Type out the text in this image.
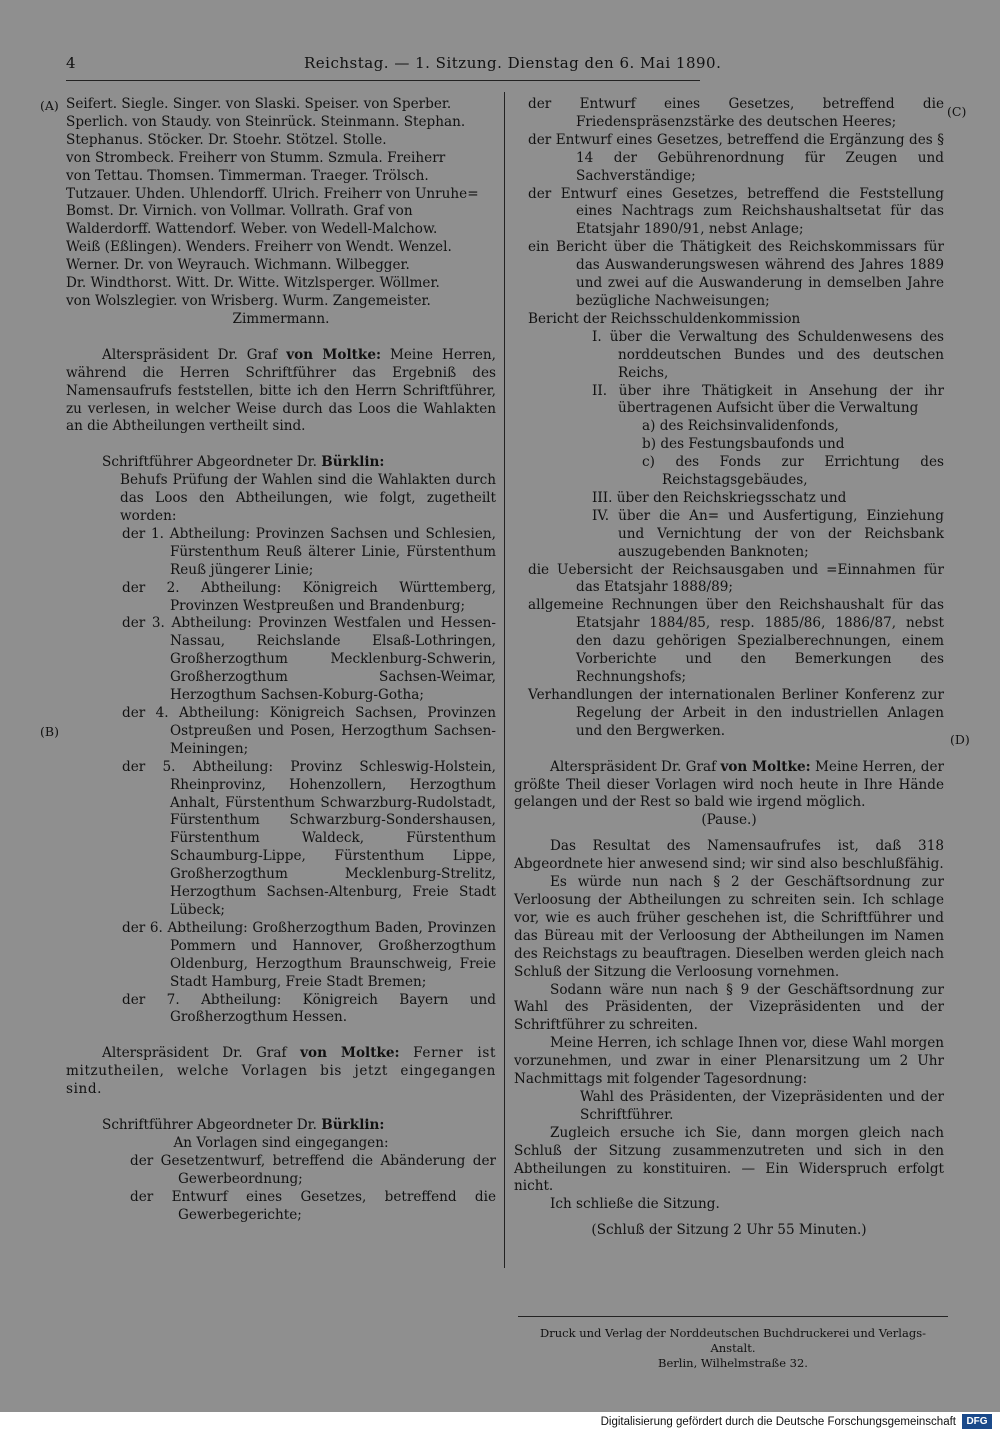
4	Reichstag. — 1. Sitzung. Dienstag den 6. Mai 1890.
(A)
(B)
(C)
(D)

Seifert. Siegle. Singer. von Slaski. Speiser. von Sperber.

Sperlich. von Staudy. von Steinrück. Steinmann. Stephan.

Stephanus. Stöcker. Dr. Stoehr. Stötzel. Stolle.

von Strombeck. Freiherr von Stumm. Szmula. Freiherr

von Tettau. Thomsen. Timmerman. Traeger. Trölsch.

Tutzauer. Uhden. Uhlendorff. Ulrich. Freiherr von Unruhe=

Bomst. Dr. Virnich. von Vollmar. Vollrath. Graf von

Walderdorff. Wattendorf. Weber. von Wedell-Malchow.

Weiß (Eßlingen). Wenders. Freiherr von Wendt. Wenzel.

Werner. Dr. von Weyrauch. Wichmann. Wilbegger.

Dr. Windthorst. Witt. Dr. Witte. Witzlsperger. Wöllmer.

von Wolszlegier. von Wrisberg. Wurm. Zangemeister.

Zimmermann.

Alterspräsident Dr. Graf von Moltke: Meine Herren, während die Herren Schriftführer das Ergebniß des Namensaufrufs feststellen, bitte ich den Herrn Schriftführer, zu verlesen, in welcher Weise durch das Loos die Wahlakten an die Abtheilungen vertheilt sind.

Schriftführer Abgeordneter Dr. Bürklin:

Behufs Prüfung der Wahlen sind die Wahlakten durch das Loos den Abtheilungen, wie folgt, zugetheilt worden:

der 1. Abtheilung: Provinzen Sachsen und Schlesien, Fürstenthum Reuß älterer Linie, Fürstenthum Reuß jüngerer Linie;

der 2. Abtheilung: Königreich Württemberg, Provinzen Westpreußen und Brandenburg;

der 3. Abtheilung: Provinzen Westfalen und Hessen-Nassau, Reichslande Elsaß-Lothringen, Großherzogthum Mecklenburg-Schwerin, Großherzogthum Sachsen-Weimar, Herzogthum Sachsen-Koburg-Gotha;

der 4. Abtheilung: Königreich Sachsen, Provinzen Ostpreußen und Posen, Herzogthum Sachsen-Meiningen;

der 5. Abtheilung: Provinz Schleswig-Holstein, Rheinprovinz, Hohenzollern, Herzogthum Anhalt, Fürstenthum Schwarzburg-Rudolstadt, Fürstenthum Schwarzburg-Sondershausen, Fürstenthum Waldeck, Fürstenthum Schaumburg-Lippe, Fürstenthum Lippe, Großherzogthum Mecklenburg-Strelitz, Herzogthum Sachsen-Altenburg, Freie Stadt Lübeck;

der 6. Abtheilung: Großherzogthum Baden, Provinzen Pommern und Hannover, Großherzogthum Oldenburg, Herzogthum Braunschweig, Freie Stadt Hamburg, Freie Stadt Bremen;

der 7. Abtheilung: Königreich Bayern und Großherzogthum Hessen.

Alterspräsident Dr. Graf von Moltke: Ferner ist mitzutheilen, welche Vorlagen bis jetzt eingegangen sind.

Schriftführer Abgeordneter Dr. Bürklin:

An Vorlagen sind eingegangen:

der Gesetzentwurf, betreffend die Abänderung der Gewerbeordnung;

der Entwurf eines Gesetzes, betreffend die Gewerbegerichte;

der Entwurf eines Gesetzes, betreffend die Friedenspräsenzstärke des deutschen Heeres;

der Entwurf eines Gesetzes, betreffend die Ergänzung des § 14 der Gebührenordnung für Zeugen und Sachverständige;

der Entwurf eines Gesetzes, betreffend die Feststellung eines Nachtrags zum Reichshaushaltsetat für das Etatsjahr 1890/91, nebst Anlage;

ein Bericht über die Thätigkeit des Reichskommissars für das Auswanderungswesen während des Jahres 1889 und zwei auf die Auswanderung in demselben Jahre bezügliche Nachweisungen;

Bericht der Reichsschuldenkommission

I. über die Verwaltung des Schuldenwesens des norddeutschen Bundes und des deutschen Reichs,

II. über ihre Thätigkeit in Ansehung der ihr übertragenen Aufsicht über die Verwaltung

a) des Reichsinvalidenfonds,

b) des Festungsbaufonds und

c) des Fonds zur Errichtung des Reichstagsgebäudes,

III. über den Reichskriegsschatz und

IV. über die An= und Ausfertigung, Einziehung und Vernichtung der von der Reichsbank auszugebenden Banknoten;

die Uebersicht der Reichsausgaben und =Einnahmen für das Etatsjahr 1888/89;

allgemeine Rechnungen über den Reichshaushalt für das Etatsjahr 1884/85, resp. 1885/86, 1886/87, nebst den dazu gehörigen Spezialberechnungen, einem Vorberichte und den Bemerkungen des Rechnungshofs;

Verhandlungen der internationalen Berliner Konferenz zur Regelung der Arbeit in den industriellen Anlagen und den Bergwerken.

Alterspräsident Dr. Graf von Moltke: Meine Herren, der größte Theil dieser Vorlagen wird noch heute in Ihre Hände gelangen und der Rest so bald wie irgend möglich.

(Pause.)

Das Resultat des Namensaufrufes ist, daß 318 Abgeordnete hier anwesend sind; wir sind also beschlußfähig.

Es würde nun nach § 2 der Geschäftsordnung zur Verloosung der Abtheilungen zu schreiten sein. Ich schlage vor, wie es auch früher geschehen ist, die Schriftführer und das Büreau mit der Verloosung der Abtheilungen im Namen des Reichstags zu beauftragen. Dieselben werden gleich nach Schluß der Sitzung die Verloosung vornehmen.

Sodann wäre nun nach § 9 der Geschäftsordnung zur Wahl des Präsidenten, der Vizepräsidenten und der Schriftführer zu schreiten.

Meine Herren, ich schlage Ihnen vor, diese Wahl morgen vorzunehmen, und zwar in einer Plenarsitzung um 2 Uhr Nachmittags mit folgender Tagesordnung:

Wahl des Präsidenten, der Vizepräsidenten und der Schriftführer.

Zugleich ersuche ich Sie, dann morgen gleich nach Schluß der Sitzung zusammenzutreten und sich in den Abtheilungen zu konstituiren. — Ein Widerspruch erfolgt nicht.

Ich schließe die Sitzung.

(Schluß der Sitzung 2 Uhr 55 Minuten.)

Druck und Verlag der Norddeutschen Buchdruckerei und Verlags-Anstalt.
Berlin, Wilhelmstraße 32.
Digitalisierung gefördert durch die Deutsche Forschungsgemeinschaft	DFG
